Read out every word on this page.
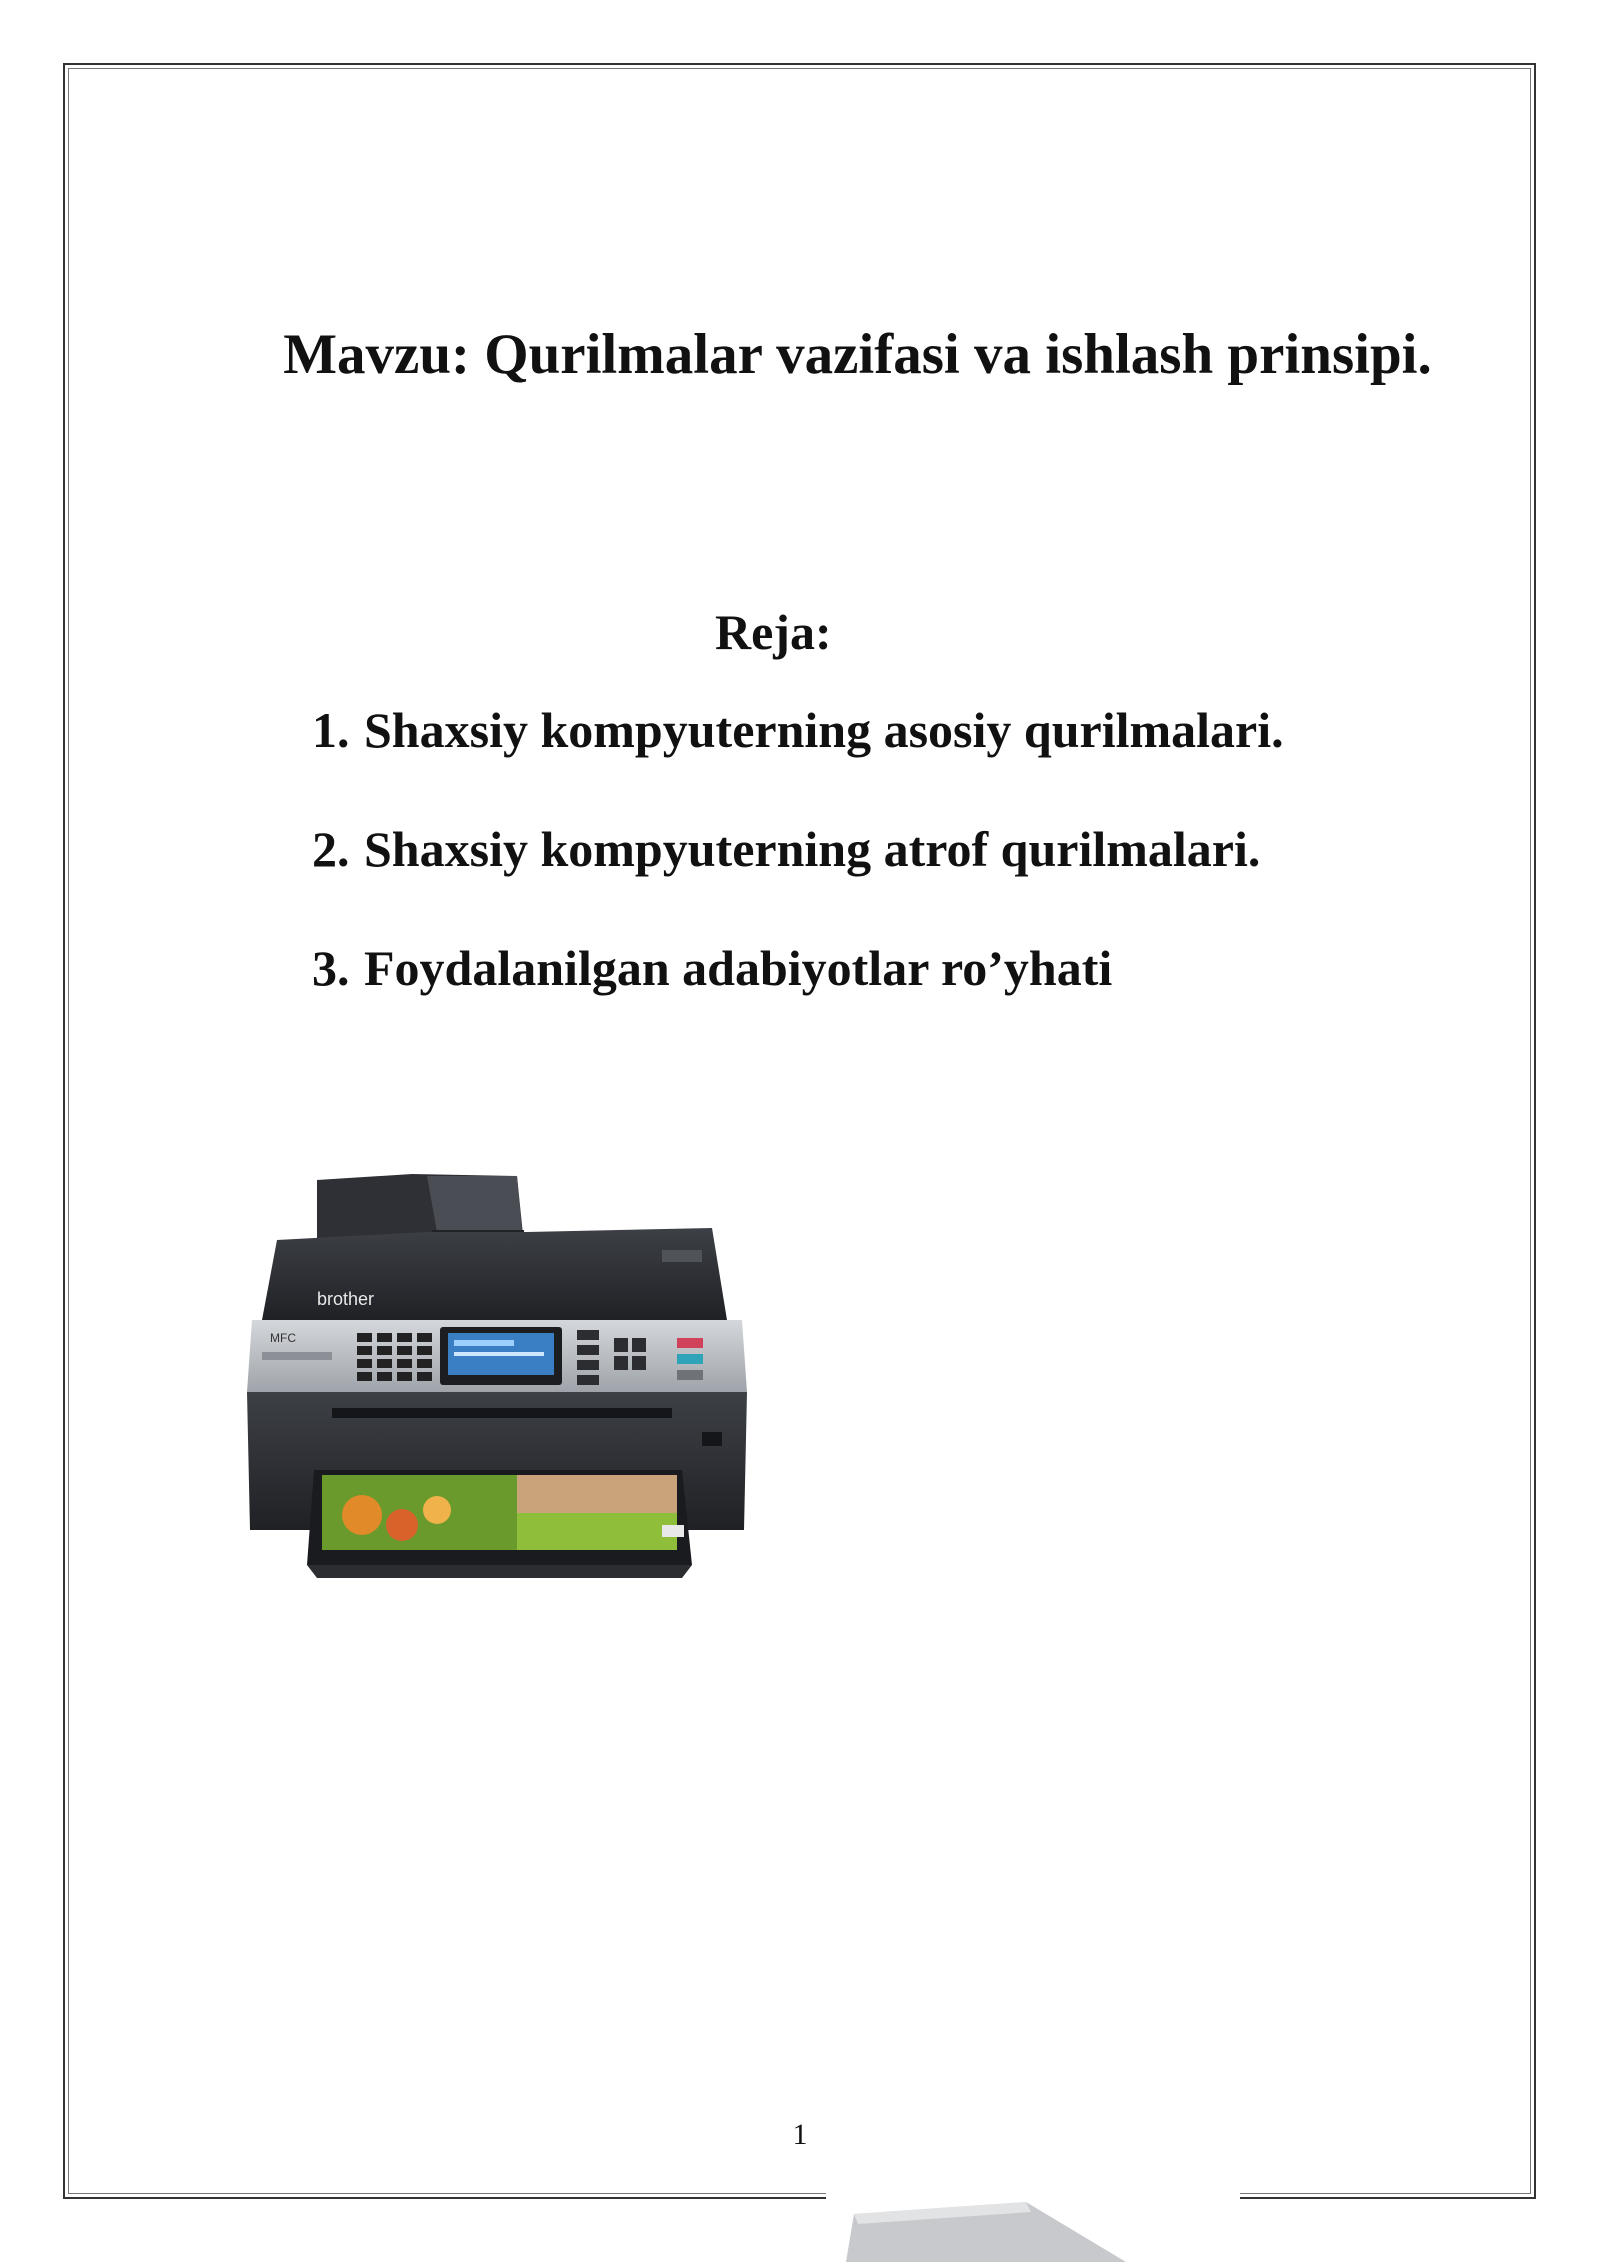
Mavzu: Qurilmalar vazifasi va ishlash prinsipi.
Reja:
1. Shaxsiy kompyuterning asosiy qurilmalari.
2. Shaxsiy kompyuterning atrof qurilmalari.
3. Foydalanilgan adabiyotlar ro’yhati
brother
MFC
1
